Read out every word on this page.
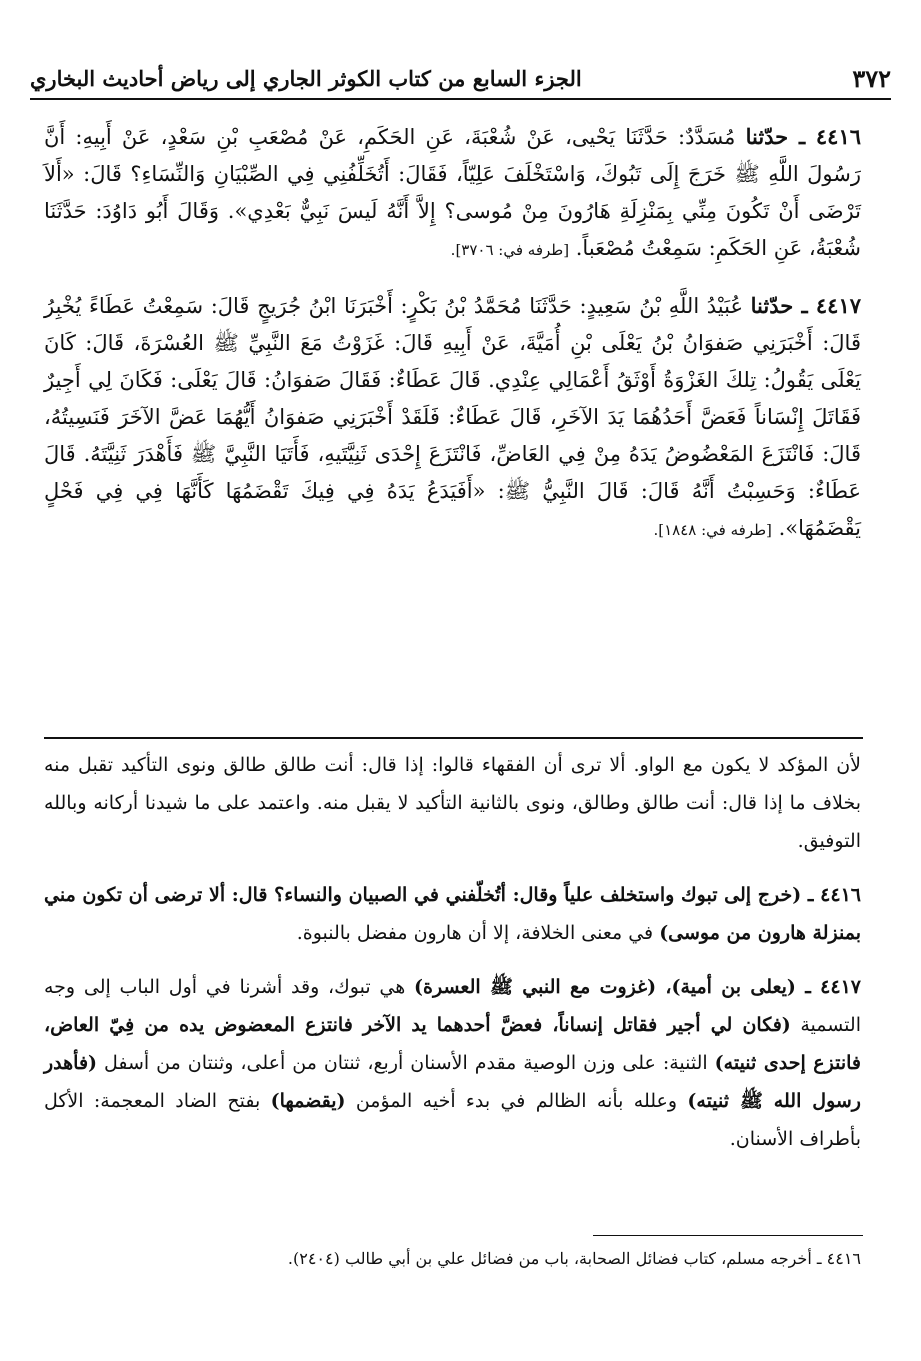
٣٧٢
الجزء السابع من كتاب الكوثر الجاري إلى رياض أحاديث البخاري

٤٤١٦ ـ حدّثنا مُسَدَّدٌ: حَدَّثَنَا يَحْيى، عَنْ شُعْبَةَ، عَنِ الحَكَمِ، عَنْ مُصْعَبِ بْنِ سَعْدٍ، عَنْ أَبِيهِ: أَنَّ رَسُولَ اللَّهِ ﷺ خَرَجَ إِلَى تَبُوكَ، وَاسْتَخْلَفَ عَلِيّاً، فَقَالَ: أَتُخَلِّفُنِي فِي الصِّبْيَانِ وَالنِّسَاءِ؟ قَالَ: «أَلاَ تَرْضَى أَنْ تَكُونَ مِنِّي بِمَنْزِلَةِ هَارُونَ مِنْ مُوسى؟ إِلاَّ أَنَّهُ لَيسَ نَبِيٌّ بَعْدِي». وَقَالَ أَبُو دَاوُدَ: حَدَّثَنَا شُعْبَةُ، عَنِ الحَكَمِ: سَمِعْتُ مُصْعَباً. [طرفه في: ٣٧٠٦].

٤٤١٧ ـ حدّثنا عُبَيْدُ اللَّهِ بْنُ سَعِيدٍ: حَدَّثَنَا مُحَمَّدُ بْنُ بَكْرٍ: أَخْبَرَنَا ابْنُ جُرَيجٍ قَالَ: سَمِعْتُ عَطَاءً يُخْبِرُ قَالَ: أَخْبَرَنِي صَفوَانُ بْنُ يَعْلَى بْنِ أُمَيَّةَ، عَنْ أَبِيهِ قَالَ: غَزَوْتُ مَعَ النَّبِيِّ ﷺ العُسْرَةَ، قَالَ: كَانَ يَعْلَى يَقُولُ: تِلكَ الغَزْوَةُ أَوْثَقُ أَعْمَالِي عِنْدِي. قَالَ عَطَاءٌ: فَقَالَ صَفوَانُ: قَالَ يَعْلَى: فَكَانَ لِي أَجِيرٌ فَقَاتَلَ إِنْسَاناً فَعَضَّ أَحَدُهُمَا يَدَ الآخَرِ، قَالَ عَطَاءٌ: فَلَقَدْ أَخْبَرَنِي صَفوَانُ أَيُّهُمَا عَضَّ الآخَرَ فَنَسِيتُهُ، قَالَ: فَانْتَزَعَ المَعْضُوضُ يَدَهُ مِنْ فِي العَاضِّ، فَانْتَزَعَ إِحْدَى ثَنِيَّتَيهِ، فَأَتَيَا النَّبِيَّ ﷺ فَأَهْدَرَ ثَنِيَّتَهُ. قَالَ عَطَاءٌ: وَحَسِبْتُ أَنَّهُ قَالَ: قَالَ النَّبِيُّ ﷺ: «أَفَيَدَعُ يَدَهُ فِي فِيكَ تَقْضَمُهَا كَأَنَّهَا فِي فِي فَحْلٍ يَقْضَمُهَا». [طرفه في: ١٨٤٨].

لأن المؤكد لا يكون مع الواو. ألا ترى أن الفقهاء قالوا: إذا قال: أنت طالق طالق ونوى التأكيد تقبل منه بخلاف ما إذا قال: أنت طالق وطالق، ونوى بالثانية التأكيد لا يقبل منه. واعتمد على ما شيدنا أركانه وبالله التوفيق.

٤٤١٦ ـ (خرج إلى تبوك واستخلف علياً وقال: أتُخلّفني في الصبيان والنساء؟ قال: ألا ترضى أن تكون مني بمنزلة هارون من موسى) في معنى الخلافة، إلا أن هارون مفضل بالنبوة.

٤٤١٧ ـ (يعلى بن أمية)، (غزوت مع النبي ﷺ العسرة) هي تبوك، وقد أشرنا في أول الباب إلى وجه التسمية (فكان لي أجير فقاتل إنساناً، فعضَّ أحدهما يد الآخر فانتزع المعضوض يده من فِيّ العاض، فانتزع إحدى ثنيته) الثنية: على وزن الوصية مقدم الأسنان أربع، ثنتان من أعلى، وثنتان من أسفل (فأهدر رسول الله ﷺ ثنيته) وعلله بأنه الظالم في بدء أخيه المؤمن (يقضمها) بفتح الضاد المعجمة: الأكل بأطراف الأسنان.

٤٤١٦ ـ أخرجه مسلم، كتاب فضائل الصحابة، باب من فضائل علي بن أبي طالب (٢٤٠٤).
